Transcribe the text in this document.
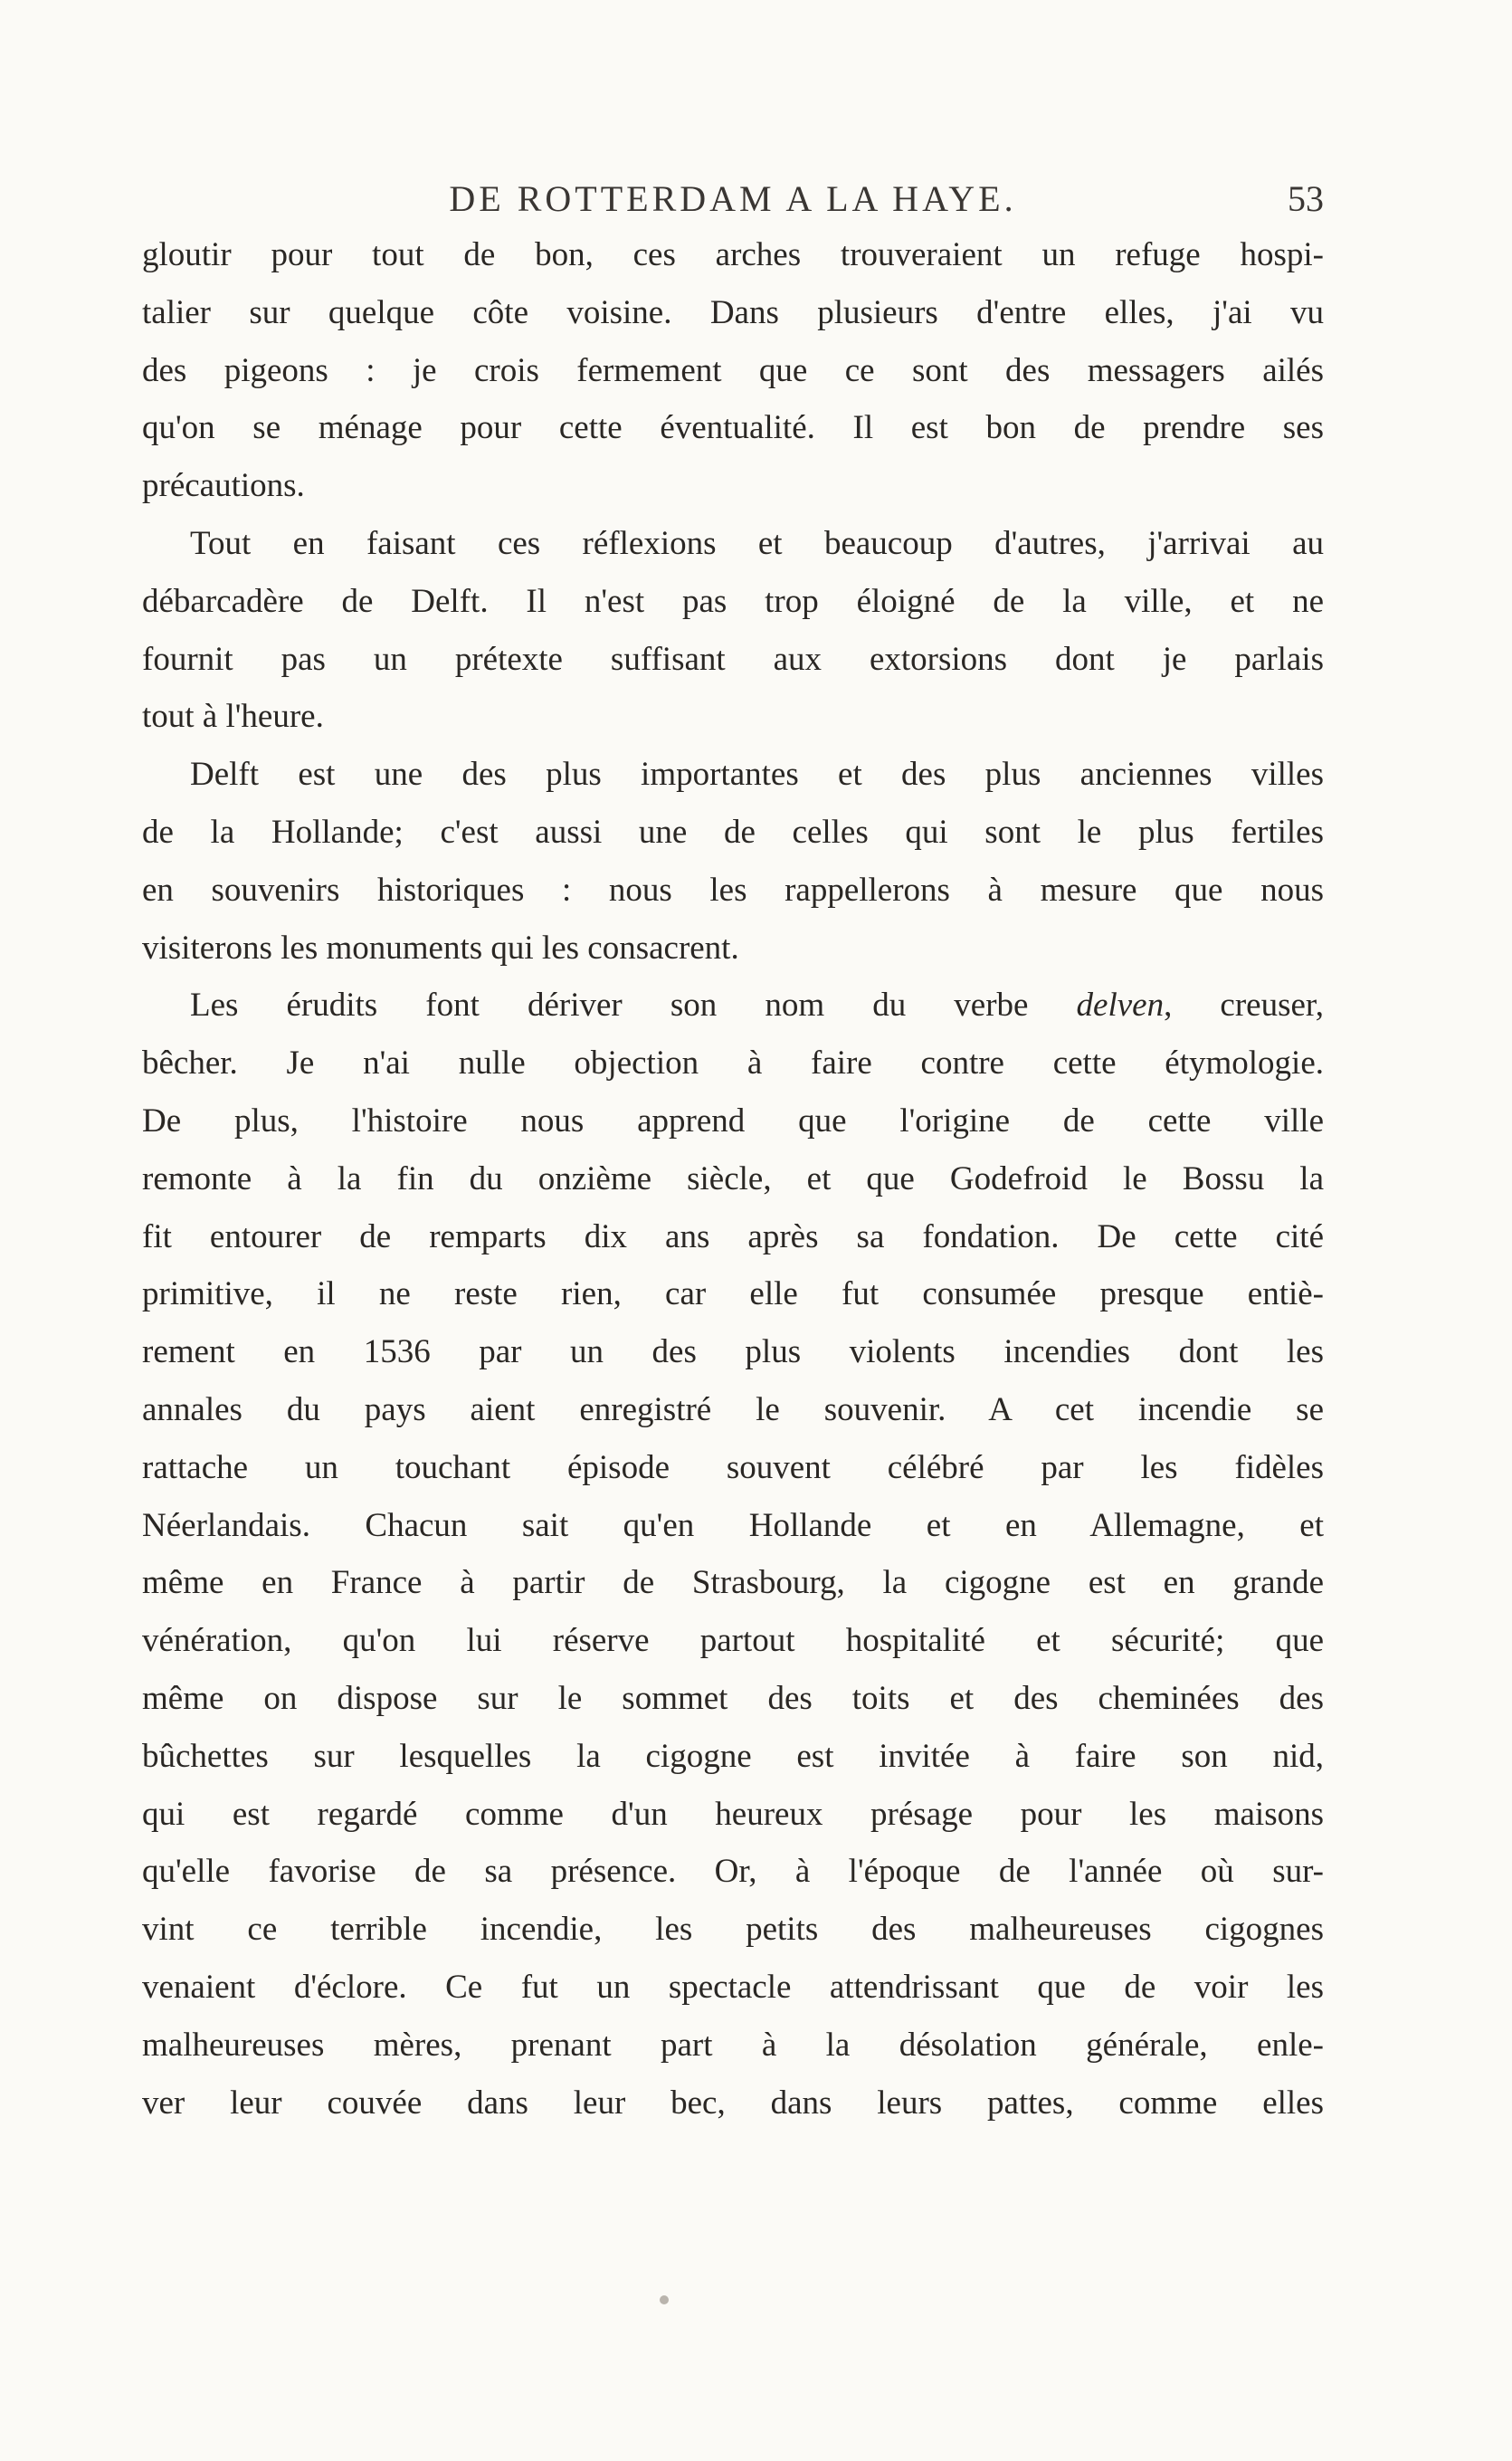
DE ROTTERDAM A LA HAYE.	53
gloutir pour tout de bon, ces arches trouveraient un refuge hospi-
talier sur quelque côte voisine. Dans plusieurs d'entre elles, j'ai vu
des pigeons : je crois fermement que ce sont des messagers ailés
qu'on se ménage pour cette éventualité. Il est bon de prendre ses
précautions.
Tout en faisant ces réflexions et beaucoup d'autres, j'arrivai au
débarcadère de Delft. Il n'est pas trop éloigné de la ville, et ne
fournit pas un prétexte suffisant aux extorsions dont je parlais
tout à l'heure.
Delft est une des plus importantes et des plus anciennes villes
de la Hollande; c'est aussi une de celles qui sont le plus fertiles
en souvenirs historiques : nous les rappellerons à mesure que nous
visiterons les monuments qui les consacrent.
Les érudits font dériver son nom du verbe delven, creuser,
bêcher. Je n'ai nulle objection à faire contre cette étymologie.
De plus, l'histoire nous apprend que l'origine de cette ville
remonte à la fin du onzième siècle, et que Godefroid le Bossu la
fit entourer de remparts dix ans après sa fondation. De cette cité
primitive, il ne reste rien, car elle fut consumée presque entiè-
rement en 1536 par un des plus violents incendies dont les
annales du pays aient enregistré le souvenir. A cet incendie se
rattache un touchant épisode souvent célébré par les fidèles
Néerlandais. Chacun sait qu'en Hollande et en Allemagne, et
même en France à partir de Strasbourg, la cigogne est en grande
vénération, qu'on lui réserve partout hospitalité et sécurité; que
même on dispose sur le sommet des toits et des cheminées des
bûchettes sur lesquelles la cigogne est invitée à faire son nid,
qui est regardé comme d'un heureux présage pour les maisons
qu'elle favorise de sa présence. Or, à l'époque de l'année où sur-
vint ce terrible incendie, les petits des malheureuses cigognes
venaient d'éclore. Ce fut un spectacle attendrissant que de voir les
malheureuses mères, prenant part à la désolation générale, enle-
ver leur couvée dans leur bec, dans leurs pattes, comme elles
